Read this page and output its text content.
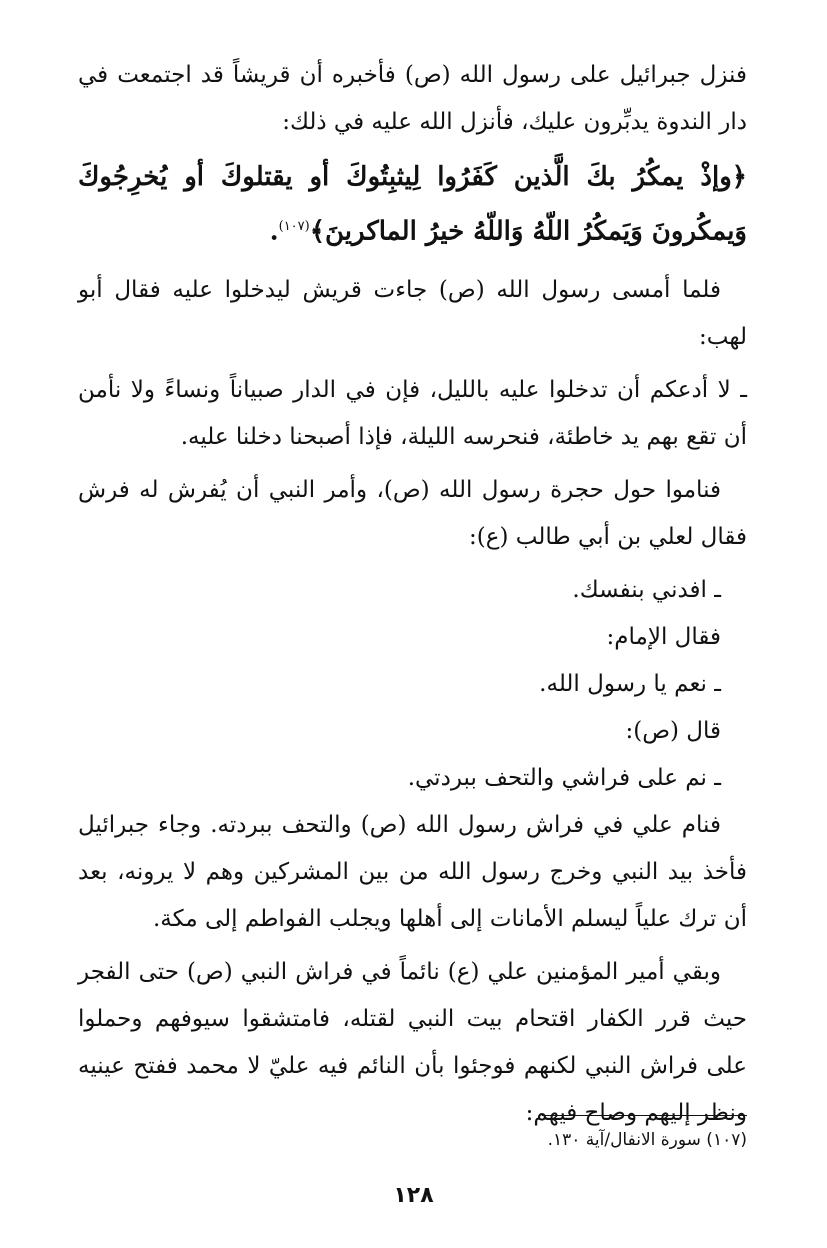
فنزل جبرائيل على رسول الله (ص) فأخبره أن قريشاً قد اجتمعت في دار الندوة يدبِّرون عليك، فأنزل الله عليه في ذلك:

﴿وإذْ يمكُرُ بكَ الَّذين كَفَرُوا لِيثبِتُوكَ أو يقتلوكَ أو يُخرِجُوكَ وَيمكُرونَ وَيَمكُرُ اللّهُ وَاللّهُ خيرُ الماكرينَ﴾$^{(١٠٧)}$.

فلما أمسى رسول الله (ص) جاءت قريش ليدخلوا عليه فقال أبو لهب:

ـ لا أدعكم أن تدخلوا عليه بالليل، فإن في الدار صبياناً ونساءً ولا نأمن أن تقع بهم يد خاطئة، فنحرسه الليلة، فإذا أصبحنا دخلنا عليه.

فناموا حول حجرة رسول الله (ص)، وأمر النبي أن يُفرش له فرش فقال لعلي بن أبي طالب (ع):

ـ افدني بنفسك.

فقال الإمام:

ـ نعم يا رسول الله.

قال (ص):

ـ نم على فراشي والتحف ببردتي.

فنام علي في فراش رسول الله (ص) والتحف ببردته. وجاء جبرائيل فأخذ بيد النبي وخرج رسول الله من بين المشركين وهم لا يرونه، بعد أن ترك علياً ليسلم الأمانات إلى أهلها ويجلب الفواطم إلى مكة.

وبقي أمير المؤمنين علي (ع) نائماً في فراش النبي (ص) حتى الفجر حيث قرر الكفار اقتحام بيت النبي لقتله، فامتشقوا سيوفهم وحملوا على فراش النبي لكنهم فوجئوا بأن النائم فيه عليّ لا محمد ففتح عينيه ونظر إليهم وصاح فيهم:

(١٠٧) سورة الانفال/آية ١٣٠.
١٢٨
